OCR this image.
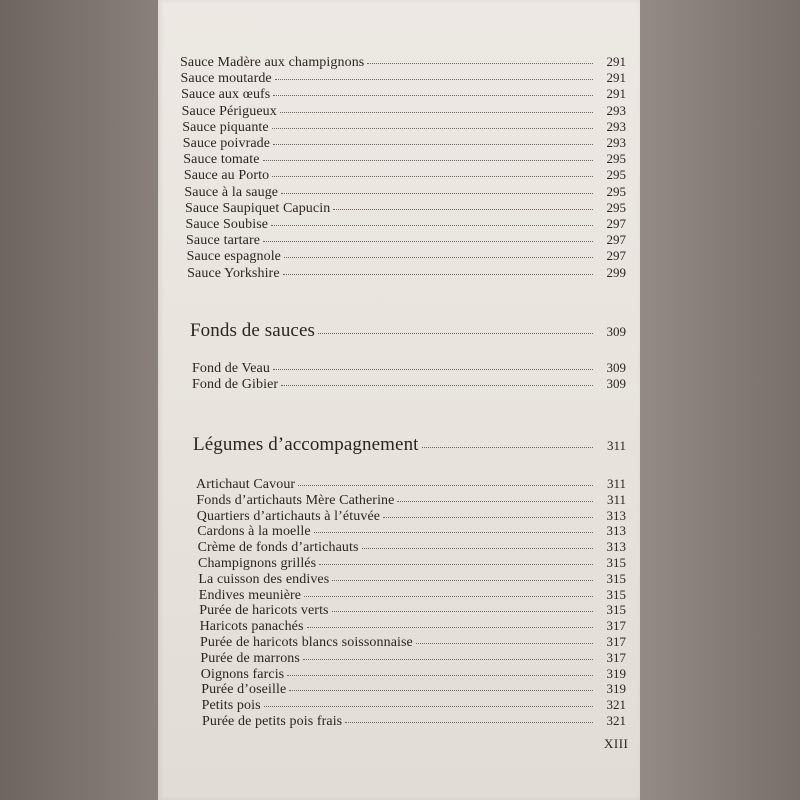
Sauce Madère aux champignons	291
Sauce moutarde	291
Sauce aux œufs	291
Sauce Périgueux	293
Sauce piquante	293
Sauce poivrade	293
Sauce tomate	295
Sauce au Porto	295
Sauce à la sauge	295
Sauce Saupiquet Capucin	295
Sauce Soubise	297
Sauce tartare	297
Sauce espagnole	297
Sauce Yorkshire	299
Fonds de sauces	309
Fond de Veau	309
Fond de Gibier	309
Légumes d’accompagnement	311
Artichaut Cavour	311
Fonds d’artichauts Mère Catherine	311
Quartiers d’artichauts à l’étuvée	313
Cardons à la moelle	313
Crème de fonds d’artichauts	313
Champignons grillés	315
La cuisson des endives	315
Endives meunière	315
Purée de haricots verts	315
Haricots panachés	317
Purée de haricots blancs soissonnaise	317
Purée de marrons	317
Oignons farcis	319
Purée d’oseille	319
Petits pois	321
Purée de petits pois frais	321
XIII
